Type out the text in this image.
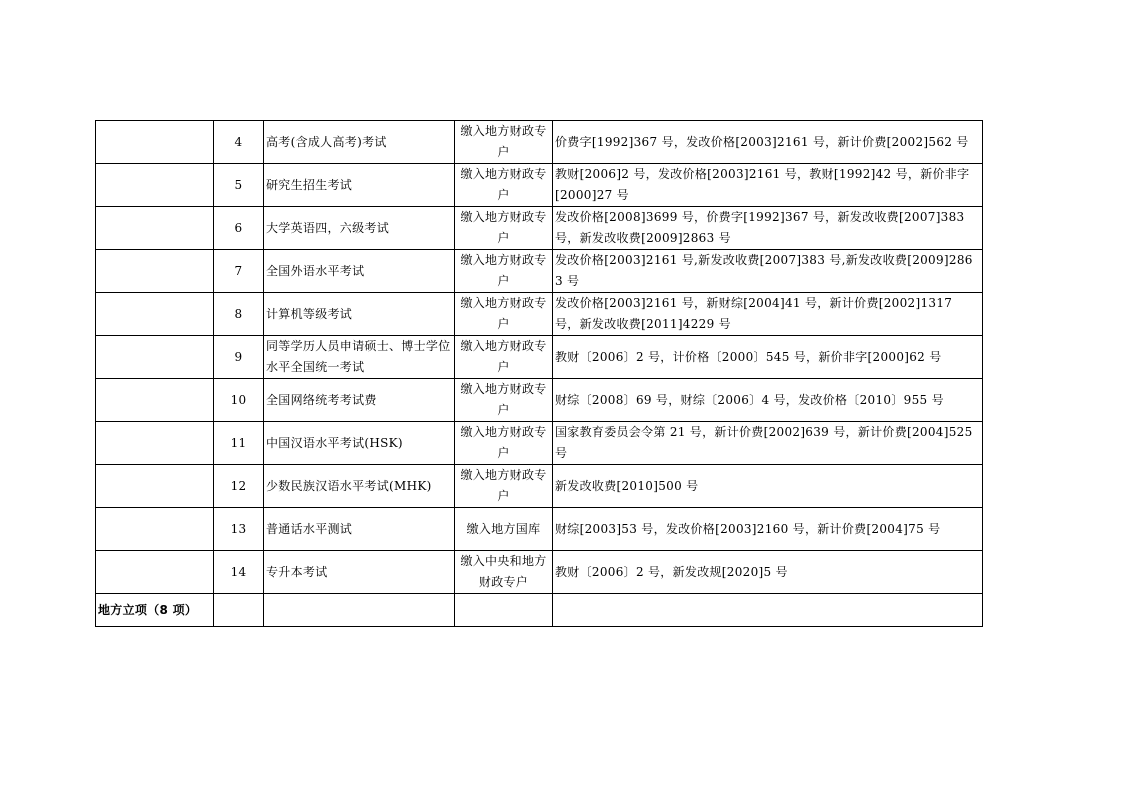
	4	高考(含成人高考)考试	缴入地方财政专户	价费字[1992]367 号，发改价格[2003]2161 号，新计价费[2002]562 号
	5	研究生招生考试	缴入地方财政专户	教财[2006]2 号，发改价格[2003]2161 号，教财[1992]42 号，新价非字[2000]27 号
	6	大学英语四，六级考试	缴入地方财政专户	发改价格[2008]3699 号，价费字[1992]367 号，新发改收费[2007]383 号，新发改收费[2009]2863 号
	7	全国外语水平考试	缴入地方财政专户	发改价格[2003]2161 号,新发改收费[2007]383 号,新发改收费[2009]2863 号
	8	计算机等级考试	缴入地方财政专户	发改价格[2003]2161 号，新财综[2004]41 号，新计价费[2002]1317 号，新发改收费[2011]4229 号
	9	同等学历人员申请硕士、博士学位水平全国统一考试	缴入地方财政专户	教财〔2006〕2 号，计价格〔2000〕545 号，新价非字[2000]62 号
	10	全国网络统考考试费	缴入地方财政专户	财综〔2008〕69 号，财综〔2006〕4 号，发改价格〔2010〕955 号
	11	中国汉语水平考试(HSK)	缴入地方财政专户	国家教育委员会令第 21 号，新计价费[2002]639 号，新计价费[2004]525 号
	12	少数民族汉语水平考试(MHK)	缴入地方财政专户	新发改收费[2010]500 号
	13	普通话水平测试	缴入地方国库	财综[2003]53 号，发改价格[2003]2160 号，新计价费[2004]75 号
	14	专升本考试	缴入中央和地方财政专户	教财〔2006〕2 号，新发改规[2020]5 号
地方立项（8 项）				
